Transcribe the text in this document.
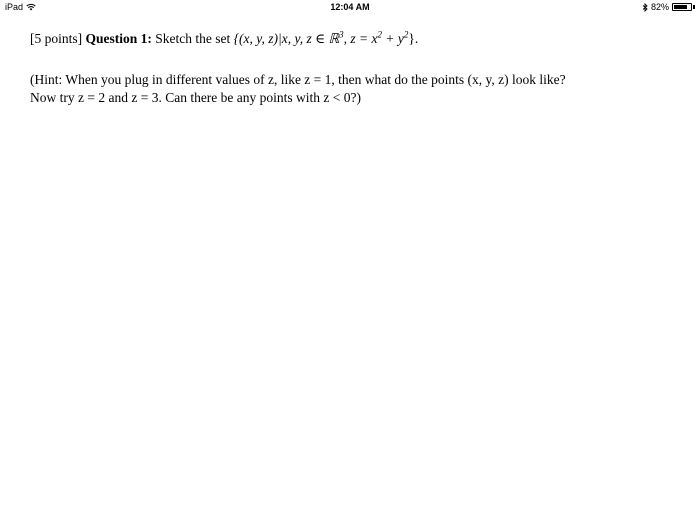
iPad	12:04 AM	82%

[5 points] Question 1: Sketch the set {(x, y, z)|x, y, z ∈ ℝ$^3$, $z = x^2 + y^2$}.

(Hint: When you plug in different values of z, like z = 1, then what do the points (x, y, z) look like?
Now try z = 2 and z = 3. Can there be any points with z < 0?)
